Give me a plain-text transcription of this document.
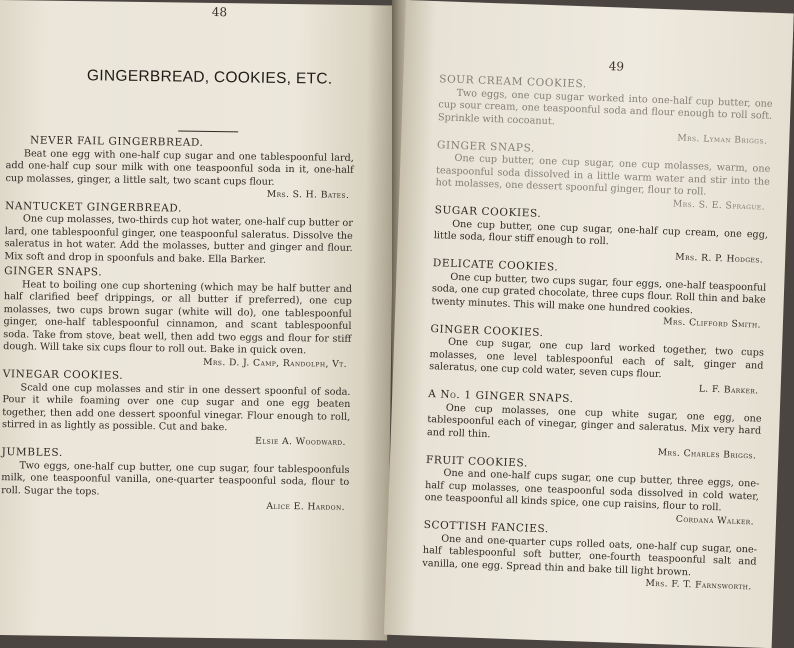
48
GINGERBREAD, COOKIES, ETC.
NEVER FAIL GINGERBREAD.

Beat one egg with one-half cup sugar and one tablespoonful lard, add one-half cup sour milk with one teaspoonful soda in it, one-half cup molasses, ginger, a little salt, two scant cups flour.

Mrs. S. H. Bates.
NANTUCKET GINGERBREAD.

One cup molasses, two-thirds cup hot water, one-half cup butter or lard, one tablespoonful ginger, one teaspoonful saleratus. Dissolve the saleratus in hot water. Add the molasses, butter and ginger and flour. Mix soft and drop in spoonfuls and bake. Ella Barker.

GINGER SNAPS.

Heat to boiling one cup shortening (which may be half butter and half clarified beef drippings, or all butter if preferred), one cup molasses, two cups brown sugar (white will do), one tablespoonful ginger, one-half tablespoonful cinnamon, and scant tablespoonful soda. Take from stove, beat well, then add two eggs and flour for stiff dough. Will take six cups flour to roll out. Bake in quick oven.

Mrs. D. J. Camp, Randolph, Vt.
VINEGAR COOKIES.

Scald one cup molasses and stir in one dessert spoonful of soda. Pour it while foaming over one cup sugar and one egg beaten together, then add one dessert spoonful vinegar. Flour enough to roll, stirred in as lightly as possible. Cut and bake.

Elsie A. Woodward.
JUMBLES.

Two eggs, one-half cup butter, one cup sugar, four tablespoonfuls milk, one teaspoonful vanilla, one-quarter teaspoonful soda, flour to roll. Sugar the tops.

Alice E. Hardon.
49
SOUR CREAM COOKIES.

Two eggs, one cup sugar worked into one-half cup butter, one cup sour cream, one teaspoonful soda and flour enough to roll soft. Sprinkle with cocoanut.

Mrs. Lyman Briggs.
GINGER SNAPS.

One cup butter, one cup sugar, one cup molasses, warm, one teaspoonful soda dissolved in a little warm water and stir into the hot molasses, one dessert spoonful ginger, flour to roll.

Mrs. S. E. Sprague.
SUGAR COOKIES.

One cup butter, one cup sugar, one-half cup cream, one egg, little soda, flour stiff enough to roll.

Mrs. R. P. Hodges.
DELICATE COOKIES.

One cup butter, two cups sugar, four eggs, one-half teaspoonful soda, one cup grated chocolate, three cups flour. Roll thin and bake twenty minutes. This will make one hundred cookies.

Mrs. Clifford Smith.
GINGER COOKIES.

One cup sugar, one cup lard worked together, two cups molasses, one level tablespoonful each of salt, ginger and saleratus, one cup cold water, seven cups flour.

L. F. Barker.
A No. 1 GINGER SNAPS.

One cup molasses, one cup white sugar, one egg, one tablespoonful each of vinegar, ginger and saleratus. Mix very hard and roll thin.

Mrs. Charles Briggs.
FRUIT COOKIES.

One and one-half cups sugar, one cup butter, three eggs, one-half cup molasses, one teaspoonful soda dissolved in cold water, one teaspoonful all kinds spice, one cup raisins, flour to roll.

Cordana Walker.
SCOTTISH FANCIES.

One and one-quarter cups rolled oats, one-half cup sugar, one-half tablespoonful soft butter, one-fourth teaspoonful salt and vanilla, one egg. Spread thin and bake till light brown.

Mrs. F. T. Farnsworth.
